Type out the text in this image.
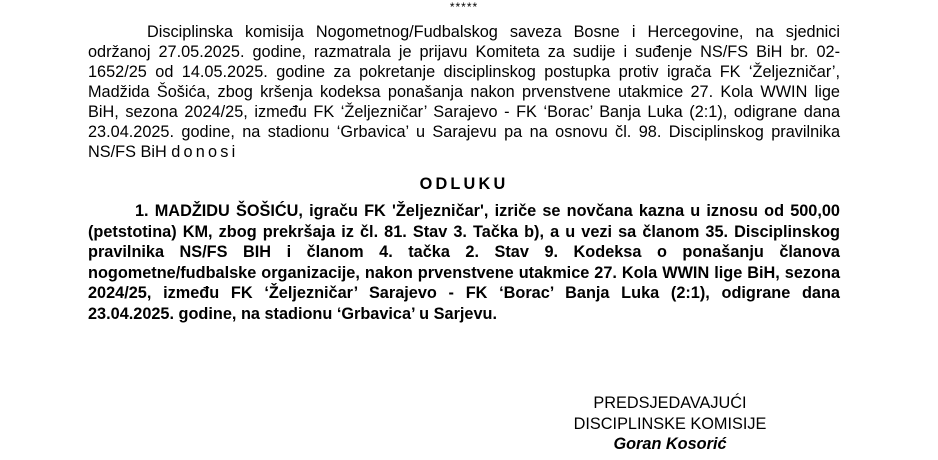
*****

Disciplinska komisija Nogometnog/Fudbalskog saveza Bosne i Hercegovine, na sjednici održanoj 27.05.2025. godine, razmatrala je prijavu Komiteta za sudije i suđenje NS/FS BiH br. 02-1652/25 od 14.05.2025. godine za pokretanje disciplinskog postupka protiv igrača FK ‘Željezničar’, Madžida Šošića, zbog kršenja kodeksa ponašanja nakon prvenstvene utakmice 27. Kola WWIN lige BiH, sezona 2024/25, između FK ‘Željezničar’ Sarajevo - FK ‘Borac’ Banja Luka (2:1), odigrane dana 23.04.2025. godine, na stadionu ‘Grbavica’ u Sarajevu pa na osnovu čl. 98. Disciplinskog pravilnika NS/FS BiH donosi

ODLUKU

1. MADŽIDU ŠOŠIĆU, igraču FK 'Željezničar', izriče se novčana kazna u iznosu od 500,00 (petstotina) KM, zbog prekršaja iz čl. 81. Stav 3. Tačka b), a u vezi sa članom 35. Disciplinskog pravilnika NS/FS BIH i članom 4. tačka 2. Stav 9. Kodeksa o ponašanju članova nogometne/fudbalske organizacije, nakon prvenstvene utakmice 27. Kola WWIN lige BiH, sezona 2024/25, između FK ‘Željezničar’ Sarajevo - FK ‘Borac’ Banja Luka (2:1), odigrane dana 23.04.2025. godine, na stadionu ‘Grbavica’ u Sarjevu.

PREDSJEDAVAJUĆI
DISCIPLINSKE KOMISIJE
Goran Kosorić
